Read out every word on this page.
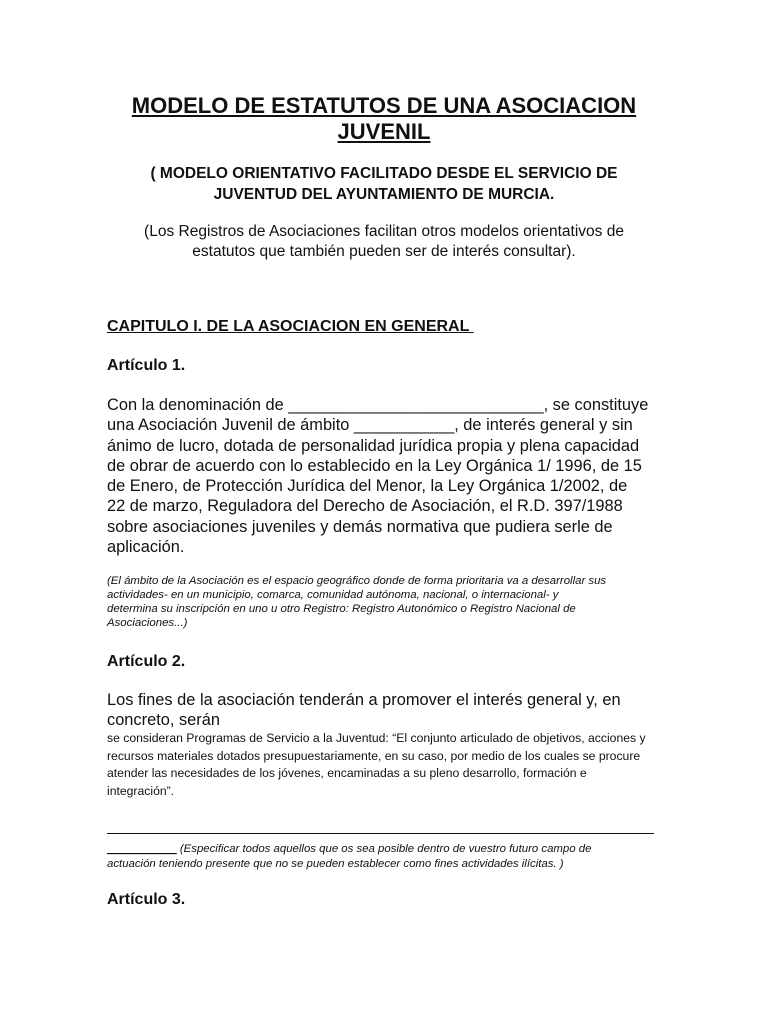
MODELO DE ESTATUTOS DE UNA ASOCIACION
JUVENIL

( MODELO ORIENTATIVO FACILITADO DESDE EL SERVICIO DE
JUVENTUD DEL AYUNTAMIENTO DE MURCIA.

(Los Registros de Asociaciones facilitan otros modelos orientativos de
estatutos que también pueden ser de interés consultar).

CAPITULO I. DE LA ASOCIACION EN GENERAL

Artículo 1.

Con la denominación de ____________________________, se constituye
una Asociación Juvenil de ámbito ___________, de interés general y sin
ánimo de lucro, dotada de personalidad jurídica propia y plena capacidad
de obrar de acuerdo con lo establecido en la Ley Orgánica 1/ 1996, de 15
de Enero, de Protección Jurídica del Menor, la Ley Orgánica 1/2002, de
22 de marzo, Reguladora del Derecho de Asociación, el R.D. 397/1988
sobre asociaciones juveniles y demás normativa que pudiera serle de
aplicación.

(El ámbito de la Asociación es el espacio geográfico donde de forma prioritaria va a desarrollar sus
actividades- en un municipio, comarca, comunidad autónoma, nacional, o internacional- y
determina su inscripción en uno u otro Registro: Registro Autonómico o Registro Nacional de
Asociaciones...)

Artículo 2.

Los fines de la asociación tenderán a promover el interés general y, en
concreto, serán

se consideran Programas de Servicio a la Juventud: “El conjunto articulado de objetivos, acciones y
recursos materiales dotados presupuestariamente, en su caso, por medio de los cuales se procure
atender las necesidades de los jóvenes, encaminadas a su pleno desarrollo, formación e
integración”.

___________ (Especificar todos aquellos que os sea posible dentro de vuestro futuro campo de
actuación teniendo presente que no se pueden establecer como fines actividades ilícitas. )

Artículo 3.
